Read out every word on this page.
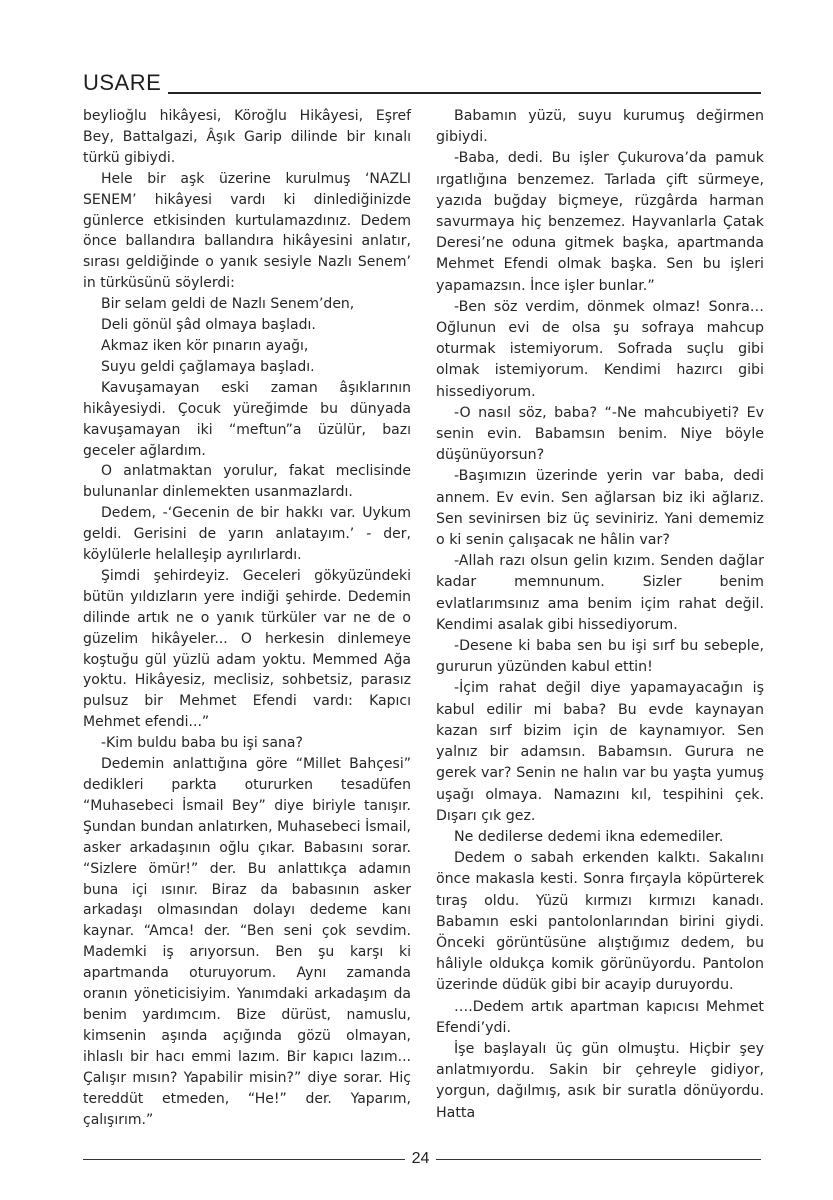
USARE

beylioğlu hikâyesi, Köroğlu Hikâyesi, Eşref Bey, Battalgazi, Âşık Garip dilinde bir kınalı türkü gibiydi.

Hele bir aşk üzerine kurulmuş ‘NAZLI SENEM’ hikâyesi vardı ki dinlediğinizde günlerce etkisinden kurtulamazdınız. Dedem önce ballandıra ballandıra hikâyesini anlatır, sırası geldiğinde o yanık sesiyle Nazlı Senem’ in türküsünü söylerdi:

Bir selam geldi de Nazlı Senem’den,

Deli gönül şâd olmaya başladı.

Akmaz iken kör pınarın ayağı,

Suyu geldi çağlamaya başladı.

Kavuşamayan eski zaman âşıklarının hikâyesiydi. Çocuk yüreğimde bu dünyada kavuşamayan iki “meftun”a üzülür, bazı geceler ağlardım.

O anlatmaktan yorulur, fakat meclisinde bulunanlar dinlemekten usanmazlardı.

Dedem, -‘Gecenin de bir hakkı var. Uykum geldi. Gerisini de yarın anlatayım.’ - der, köylülerle helalleşip ayrılırlardı.

Şimdi şehirdeyiz. Geceleri gökyüzündeki bütün yıldızların yere indiği şehirde. Dedemin dilinde artık ne o yanık türküler var ne de o güzelim hikâyeler... O herkesin dinlemeye koştuğu gül yüzlü adam yoktu. Memmed Ağa yoktu. Hikâyesiz, meclisiz, sohbetsiz, parasız pulsuz bir Mehmet Efendi vardı: Kapıcı Mehmet efendi...”

-Kim buldu baba bu işi sana?

Dedemin anlattığına göre “Millet Bahçesi” dedikleri parkta otururken tesadüfen “Muhasebeci İsmail Bey” diye biriyle tanışır. Şundan bundan anlatırken, Muhasebeci İsmail, asker arkadaşının oğlu çıkar. Babasını sorar. “Sizlere ömür!” der. Bu anlattıkça adamın buna içi ısınır. Biraz da babasının asker arkadaşı olmasından dolayı dedeme kanı kaynar. “Amca! der. “Ben seni çok sevdim. Mademki iş arıyorsun. Ben şu karşı ki apartmanda oturuyorum. Aynı zamanda oranın yöneticisiyim. Yanımdaki arkadaşım da benim yardımcım. Bize dürüst, namuslu, kimsenin aşında açığında gözü olmayan, ihlaslı bir hacı emmi lazım. Bir kapıcı lazım... Çalışır mısın? Yapabilir misin?” diye sorar. Hiç tereddüt etmeden, “He!” der. Yaparım, çalışırım.”

Babamın yüzü, suyu kurumuş değirmen gibiydi.

-Baba, dedi. Bu işler Çukurova’da pamuk ırgatlığına benzemez. Tarlada çift sürmeye, yazıda buğday biçmeye, rüzgârda harman savurmaya hiç benzemez. Hayvanlarla Çatak Deresi’ne oduna gitmek başka, apartmanda Mehmet Efendi olmak başka. Sen bu işleri yapamazsın. İnce işler bunlar.”

-Ben söz verdim, dönmek olmaz! Sonra… Oğlunun evi de olsa şu sofraya mahcup oturmak istemiyorum. Sofrada suçlu gibi olmak istemiyorum. Kendimi hazırcı gibi hissediyorum.

-O nasıl söz, baba? “-Ne mahcubiyeti? Ev senin evin. Babamsın benim. Niye böyle düşünüyorsun?

-Başımızın üzerinde yerin var baba, dedi annem. Ev evin. Sen ağlarsan biz iki ağlarız. Sen sevinirsen biz üç seviniriz. Yani dememiz o ki senin çalışacak ne hâlin var?

-Allah razı olsun gelin kızım. Senden dağlar kadar memnunum. Sizler benim evlatlarımsınız ama benim içim rahat değil. Kendimi asalak gibi hissediyorum.

-Desene ki baba sen bu işi sırf bu sebeple, gururun yüzünden kabul ettin!

-İçim rahat değil diye yapamayacağın iş kabul edilir mi baba? Bu evde kaynayan kazan sırf bizim için de kaynamıyor. Sen yalnız bir adamsın. Babamsın. Gurura ne gerek var? Senin ne halın var bu yaşta yumuş uşağı olmaya. Namazını kıl, tespihini çek. Dışarı çık gez.

Ne dedilerse dedemi ikna edemediler.

Dedem o sabah erkenden kalktı. Sakalını önce makasla kesti. Sonra fırçayla köpürterek tıraş oldu. Yüzü kırmızı kırmızı kanadı. Babamın eski pantolonlarından birini giydi. Önceki görüntüsüne alıştığımız dedem, bu hâliyle oldukça komik görünüyordu. Pantolon üzerinde düdük gibi bir acayip duruyordu.

….Dedem artık apartman kapıcısı Mehmet Efendi’ydi.

İşe başlayalı üç gün olmuştu. Hiçbir şey anlatmıyordu. Sakin bir çehreyle gidiyor, yorgun, dağılmış, asık bir suratla dönüyordu. Hatta

24
